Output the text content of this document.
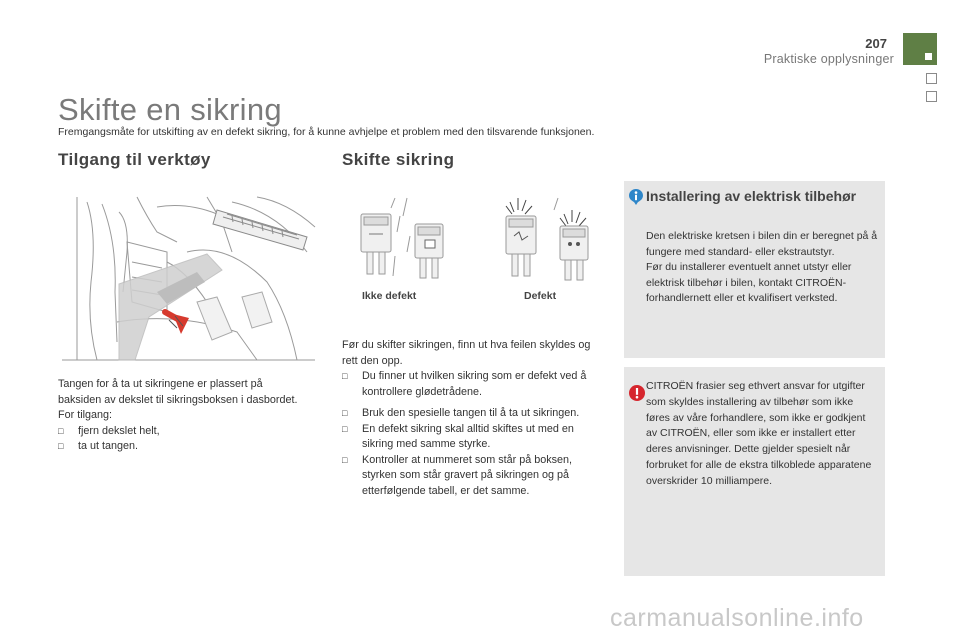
207
Praktiske opplysninger
Skifte en sikring
Fremgangsmåte for utskifting av en defekt sikring, for å kunne avhjelpe et problem med den tilsvarende funksjonen.
Tilgang til verktøy	Skifte sikring
Tangen for å ta ut sikringene er plassert på baksiden av dekslet til sikringsboksen i dasbordet.
For tilgang:
□ fjern dekslet helt,
□ ta ut tangen.
Ikke defekt	Defekt
Før du skifter sikringen, finn ut hva feilen skyldes og rett den opp.
□ Du finner ut hvilken sikring som er defekt ved å kontrollere glødetrådene.
□ Bruk den spesielle tangen til å ta ut sikringen.
□ En defekt sikring skal alltid skiftes ut med en sikring med samme styrke.
□ Kontroller at nummeret som står på boksen, styrken som står gravert på sikringen og på etterfølgende tabell, er det samme.
Installering av elektrisk tilbehør
Den elektriske kretsen i bilen din er beregnet på å fungere med standard- eller ekstrautstyr.
Før du installerer eventuelt annet utstyr eller elektrisk tilbehør i bilen, kontakt CITROËN-forhandlernett eller et kvalifisert verksted.
CITROËN frasier seg ethvert ansvar for utgifter som skyldes installering av tilbehør som ikke føres av våre forhandlere, som ikke er godkjent av CITROËN, eller som ikke er installert etter deres anvisninger. Dette gjelder spesielt når forbruket for alle de ekstra tilkoblede apparatene overskrider 10 milliampere.
carmanualsonline.info
